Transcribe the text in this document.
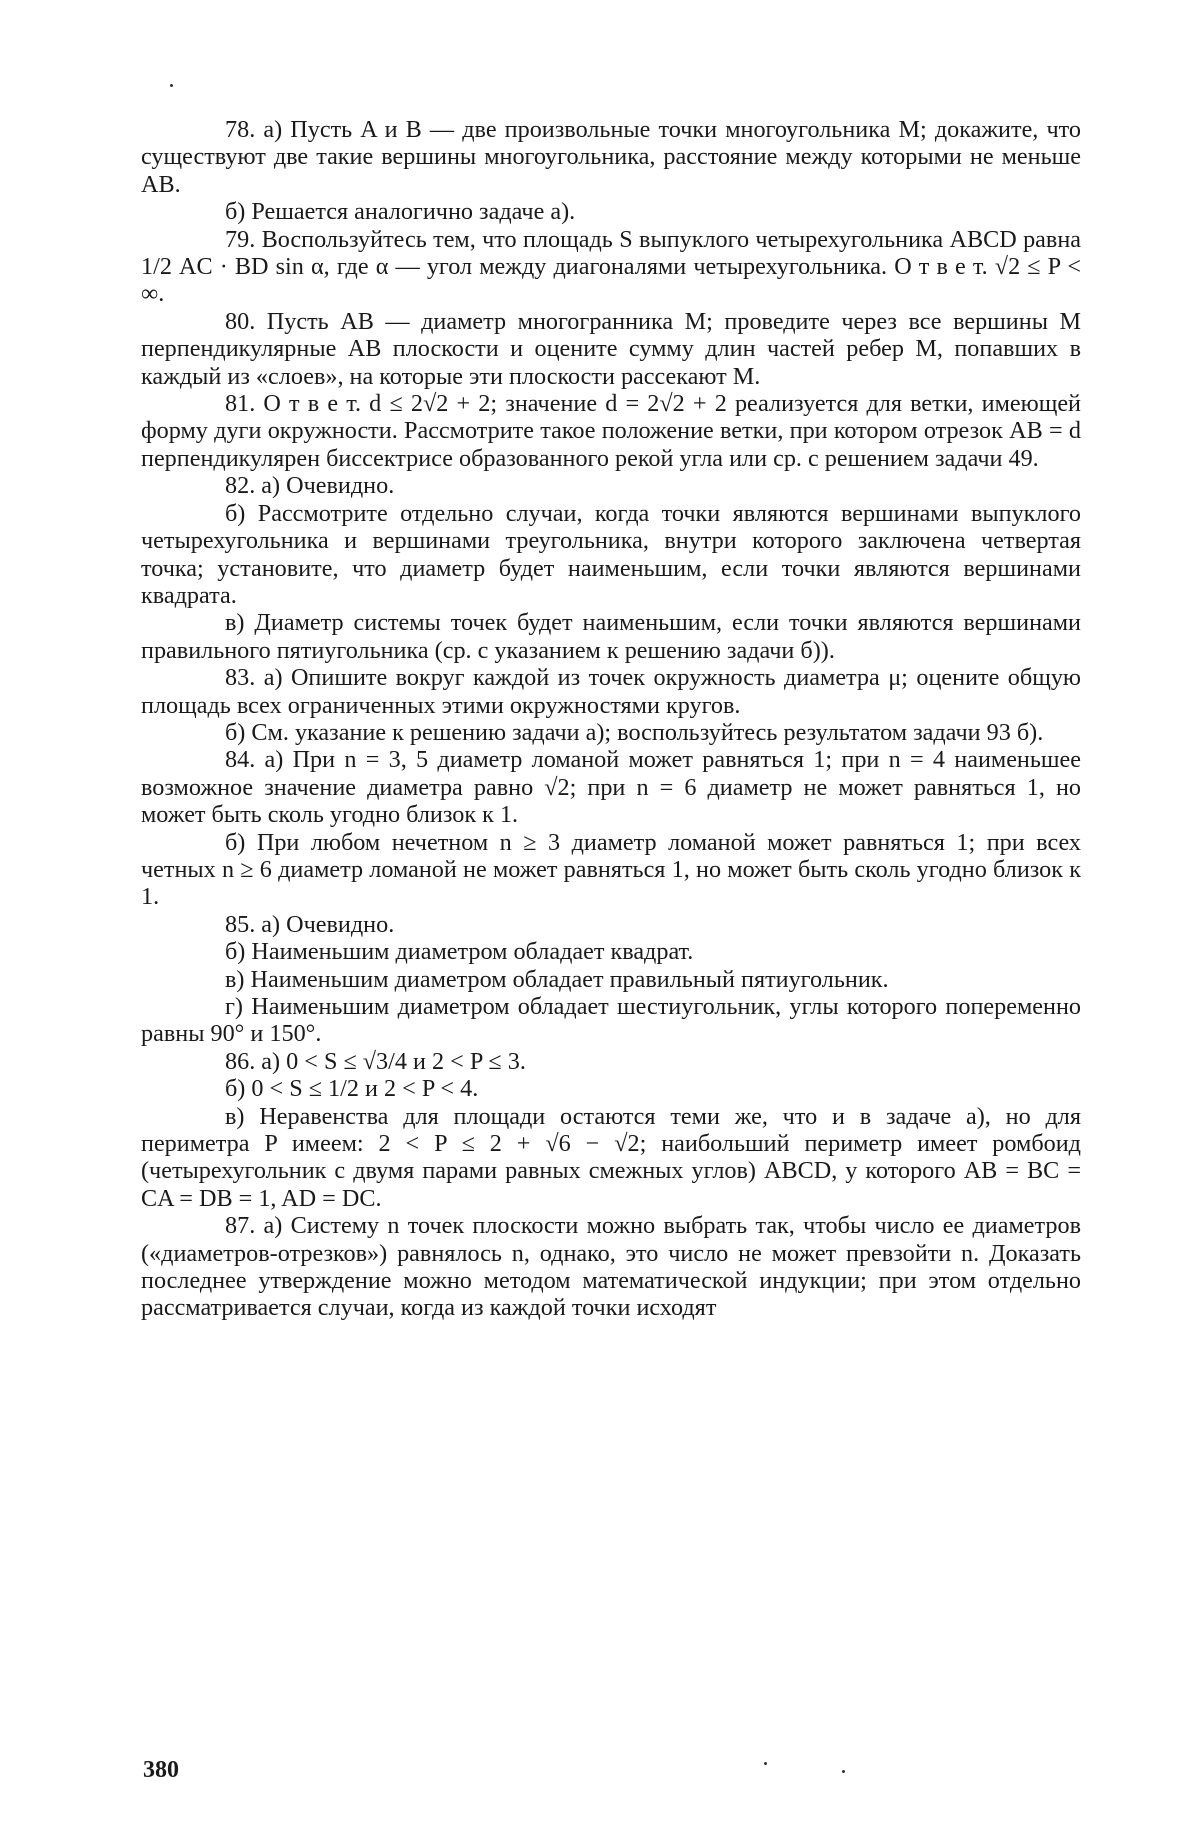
78. а) Пусть A и B — две произвольные точки многоугольника M; докажите, что существуют две такие вершины многоугольника, расстояние между которыми не меньше AB.

б) Решается аналогично задаче а).

79. Воспользуйтесь тем, что площадь S выпуклого четырехугольника ABCD равна 1/2 AC · BD sin α, где α — угол между диагоналями четырехугольника. О т в е т. √2 ≤ P < ∞.

80. Пусть AB — диаметр многогранника M; проведите через все вершины M перпендикулярные AB плоскости и оцените сумму длин частей ребер M, попавших в каждый из «слоев», на которые эти плоскости рассекают M.

81. О т в е т. d ≤ 2√2 + 2; значение d = 2√2 + 2 реализуется для ветки, имеющей форму дуги окружности. Рассмотрите такое положение ветки, при котором отрезок AB = d перпендикулярен биссектрисе образованного рекой угла или ср. с решением задачи 49.

82. а) Очевидно.

б) Рассмотрите отдельно случаи, когда точки являются вершинами выпуклого четырехугольника и вершинами треугольника, внутри которого заключена четвертая точка; установите, что диаметр будет наименьшим, если точки являются вершинами квадрата.

в) Диаметр системы точек будет наименьшим, если точки являются вершинами правильного пятиугольника (ср. с указанием к решению задачи б)).

83. а) Опишите вокруг каждой из точек окружность диаметра μ; оцените общую площадь всех ограниченных этими окружностями кругов.

б) См. указание к решению задачи а); воспользуйтесь результатом задачи 93 б).

84. а) При n = 3, 5 диаметр ломаной может равняться 1; при n = 4 наименьшее возможное значение диаметра равно √2; при n = 6 диаметр не может равняться 1, но может быть сколь угодно близок к 1.

б) При любом нечетном n ≥ 3 диаметр ломаной может равняться 1; при всех четных n ≥ 6 диаметр ломаной не может равняться 1, но может быть сколь угодно близок к 1.

85. а) Очевидно.

б) Наименьшим диаметром обладает квадрат.

в) Наименьшим диаметром обладает правильный пятиугольник.

г) Наименьшим диаметром обладает шестиугольник, углы которого попеременно равны 90° и 150°.

86. а) 0 < S ≤ √3/4 и 2 < P ≤ 3.

б) 0 < S ≤ 1/2 и 2 < P < 4.

в) Неравенства для площади остаются теми же, что и в задаче а), но для периметра P имеем: 2 < P ≤ 2 + √6 − √2; наибольший периметр имеет ромбоид (четырехугольник с двумя парами равных смежных углов) ABCD, у которого AB = BC = CA = DB = 1, AD = DC.

87. а) Систему n точек плоскости можно выбрать так, чтобы число ее диаметров («диаметров-отрезков») равнялось n, однако, это число не может превзойти n. Доказать последнее утверждение можно методом математической индукции; при этом отдельно рассматривается случаи, когда из каждой точки исходят

380
